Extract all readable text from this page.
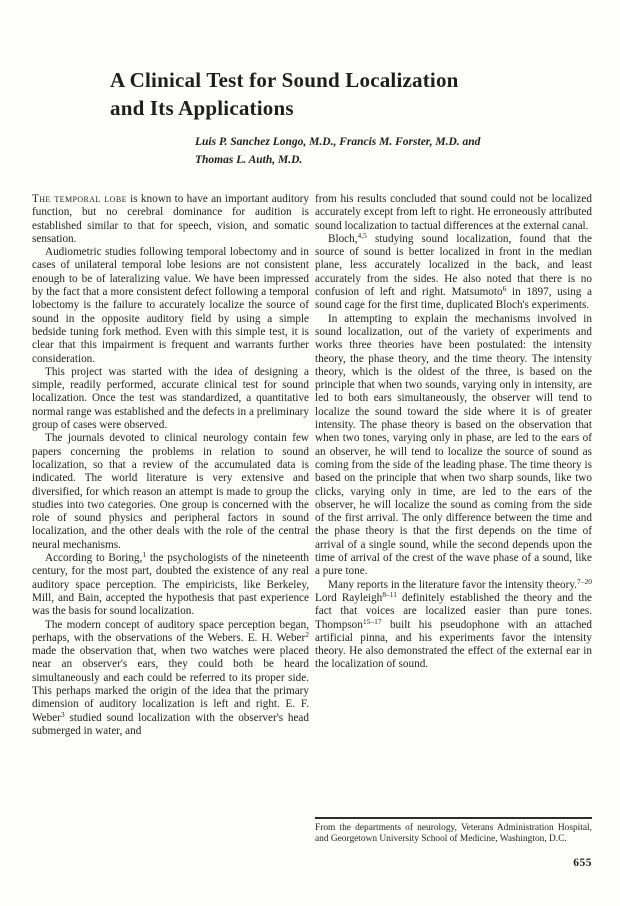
A Clinical Test for Sound Localization
and Its Applications
Luis P. Sanchez Longo, M.D., Francis M. Forster, M.D. and
Thomas L. Auth, M.D.

The temporal lobe is known to have an important auditory function, but no cerebral dominance for audition is established similar to that for speech, vision, and somatic sensation.

Audiometric studies following temporal lobectomy and in cases of unilateral temporal lobe lesions are not consistent enough to be of lateralizing value. We have been impressed by the fact that a more consistent defect following a temporal lobectomy is the failure to accurately localize the source of sound in the opposite auditory field by using a simple bedside tuning fork method. Even with this simple test, it is clear that this impairment is frequent and warrants further consideration.

This project was started with the idea of designing a simple, readily performed, accurate clinical test for sound localization. Once the test was standardized, a quantitative normal range was established and the defects in a preliminary group of cases were observed.

The journals devoted to clinical neurology contain few papers concerning the problems in relation to sound localization, so that a review of the accumulated data is indicated. The world literature is very extensive and diversified, for which reason an attempt is made to group the studies into two categories. One group is concerned with the role of sound physics and peripheral factors in sound localization, and the other deals with the role of the central neural mechanisms.

According to Boring,$^1$ the psychologists of the nineteenth century, for the most part, doubted the existence of any real auditory space perception. The empiricists, like Berkeley, Mill, and Bain, accepted the hypothesis that past experience was the basis for sound localization.

The modern concept of auditory space perception began, perhaps, with the observations of the Webers. E. H. Weber$^2$ made the observation that, when two watches were placed near an observer's ears, they could both be heard simultaneously and each could be referred to its proper side. This perhaps marked the origin of the idea that the primary dimension of auditory localization is left and right. E. F. Weber$^3$ studied sound localization with the observer's head submerged in water, and

from his results concluded that sound could not be localized accurately except from left to right. He erroneously attributed sound localization to tactual differences at the external canal.

Bloch,$^{4,5}$ studying sound localization, found that the source of sound is better localized in front in the median plane, less accurately localized in the back, and least accurately from the sides. He also noted that there is no confusion of left and right. Matsumoto$^6$ in 1897, using a sound cage for the first time, duplicated Bloch's experiments.

In attempting to explain the mechanisms involved in sound localization, out of the variety of experiments and works three theories have been postulated: the intensity theory, the phase theory, and the time theory. The intensity theory, which is the oldest of the three, is based on the principle that when two sounds, varying only in intensity, are led to both ears simultaneously, the observer will tend to localize the sound toward the side where it is of greater intensity. The phase theory is based on the observation that when two tones, varying only in phase, are led to the ears of an observer, he will tend to localize the source of sound as coming from the side of the leading phase. The time theory is based on the principle that when two sharp sounds, like two clicks, varying only in time, are led to the ears of the observer, he will localize the sound as coming from the side of the first arrival. The only difference between the time and the phase theory is that the first depends on the time of arrival of a single sound, while the second depends upon the time of arrival of the crest of the wave phase of a sound, like a pure tone.

Many reports in the literature favor the intensity theory.$^{7-20}$ Lord Rayleigh$^{8-11}$ definitely established the theory and the fact that voices are localized easier than pure tones. Thompson$^{15-17}$ built his pseudophone with an attached artificial pinna, and his experiments favor the intensity theory. He also demonstrated the effect of the external ear in the localization of sound.

From the departments of neurology, Veterans Administration Hospital, and Georgetown University School of Medicine, Washington, D.C.

655
